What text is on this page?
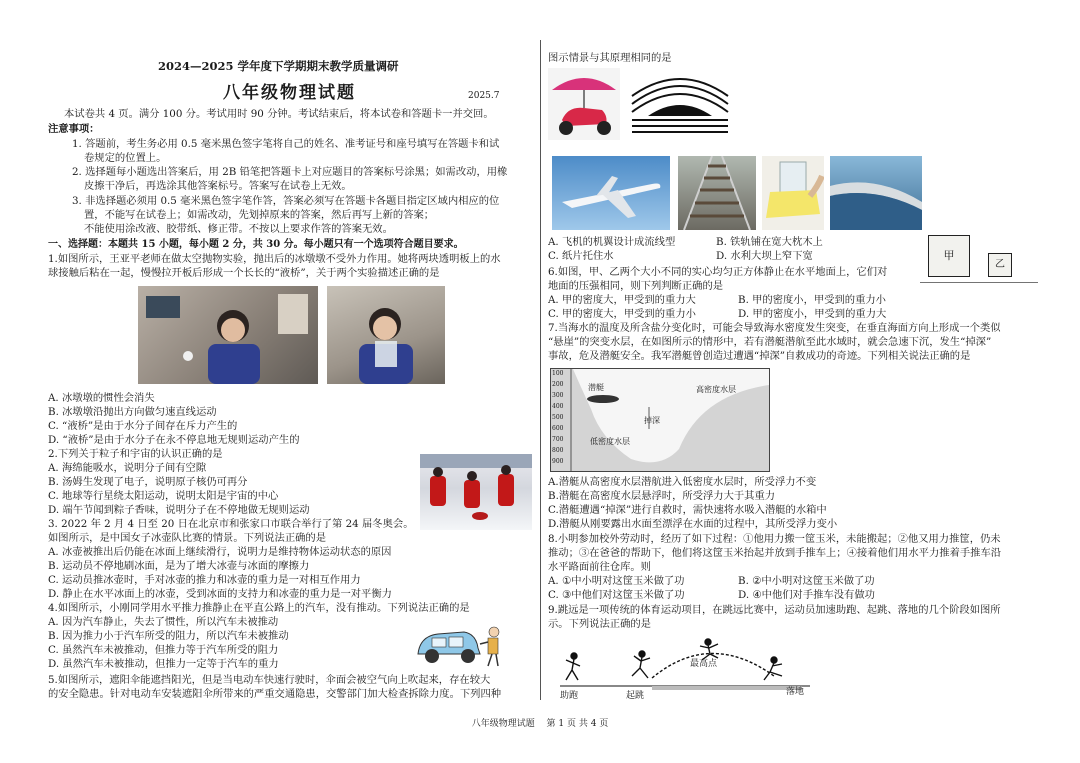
2024—2025 学年度下学期期末教学质量调研
八年级物理试题	2025.7
本试卷共 4 页。满分 100 分。考试用时 90 分钟。考试结束后，将本试卷和答题卡一并交回。
注意事项：
1. 答题前，考生务必用 0.5 毫米黑色签字笔将自己的姓名、准考证号和座号填写在答题卡和试
卷规定的位置上。
2. 选择题每小题选出答案后，用 2B 铅笔把答题卡上对应题目的答案标号涂黑；如需改动，用橡
皮擦干净后，再选涂其他答案标号。答案写在试卷上无效。
3. 非选择题必须用 0.5 毫米黑色签字笔作答，答案必须写在答题卡各题目指定区域内相应的位
置，不能写在试卷上；如需改动，先划掉原来的答案，然后再写上新的答案；
不能使用涂改液、胶带纸、修正带。不按以上要求作答的答案无效。
一、选择题：本题共 15 小题，每小题 2 分，共 30 分。每小题只有一个选项符合题目要求。
1.如图所示，王亚平老师在做太空抛物实验，抛出后的冰墩墩不受外力作用。她将两块透明板上的水
球接触后粘在一起，慢慢拉开板后形成一个长长的“液桥”，关于两个实验描述正确的是
A. 冰墩墩的惯性会消失
B. 冰墩墩沿抛出方向做匀速直线运动
C. “液桥”是由于水分子间存在斥力产生的
D. “液桥”是由于水分子在永不停息地无规则运动产生的
2.下列关于粒子和宇宙的认识正确的是
A. 海绵能吸水，说明分子间有空隙
B. 汤姆生发现了电子，说明原子核仍可再分
C. 地球等行星绕太阳运动，说明太阳是宇宙的中心
D. 端午节闻到粽子香味，说明分子在不停地做无规则运动
3. 2022 年 2 月 4 日至 20 日在北京市和张家口市联合举行了第 24 届冬奥会。
如图所示，是中国女子冰壶队比赛的情景。下列说法正确的是
A. 冰壶被推出后仍能在冰面上继续滑行，说明力是维持物体运动状态的原因
B. 运动员不停地刷冰面，是为了增大冰壶与冰面的摩擦力
C. 运动员推冰壶时，手对冰壶的推力和冰壶的重力是一对相互作用力
D. 静止在水平冰面上的冰壶，受到冰面的支持力和冰壶的重力是一对平衡力
4.如图所示，小刚同学用水平推力推静止在平直公路上的汽车，没有推动。下列说法正确的是
A. 因为汽车静止，失去了惯性，所以汽车未被推动
B. 因为推力小于汽车所受的阻力，所以汽车未被推动
C. 虽然汽车未被推动，但推力等于汽车所受的阻力
D. 虽然汽车未被推动，但推力一定等于汽车的重力
5.如图所示，遮阳伞能遮挡阳光，但是当电动车快速行驶时，伞面会被空气向上吹起来，存在较大
的安全隐患。针对电动车安装遮阳伞所带来的严重交通隐患，交警部门加大检查拆除力度。下列四种
图示情景与其原理相同的是
A. 飞机的机翼设计成流线型	B. 铁轨铺在宽大枕木上
C. 纸片托住水	D. 水利大坝上窄下宽	甲
乙
6.如图，甲、乙两个大小不同的实心均匀正方体静止在水平地面上，它们对
地面的压强相同，则下列判断正确的是
A. 甲的密度大，甲受到的重力大	B. 甲的密度小，甲受到的重力小
C. 甲的密度大，甲受到的重力小	D. 甲的密度小，甲受到的重力大
7.当海水的温度及所含盐分变化时，可能会导致海水密度发生突变，在垂直海面方向上形成一个类似
“悬崖”的突变水层，在如图所示的情形中，若有潜艇潜航至此水域时，就会急速下沉，发生“掉深”
事故，危及潜艇安全。我军潜艇曾创造过遭遇“掉深”自救成功的奇迹。下列相关说法正确的是
潜艇	高密度水层
掉深
低密度水层
100
200
300
400
500
600
700
800
900
A.潜艇从高密度水层潜航进入低密度水层时，所受浮力不变
B.潜艇在高密度水层悬浮时，所受浮力大于其重力
C.潜艇遭遇“掉深”进行自救时，需快速将水吸入潜艇的水箱中
D.潜艇从刚要露出水面至漂浮在水面的过程中，其所受浮力变小
8.小明参加校外劳动时，经历了如下过程：①他用力搬一筐玉米，未能搬起；②他又用力推筐，仍未
推动；③在爸爸的帮助下，他们将这筐玉米抬起并放到手推车上；④接着他们用水平力推着手推车沿
水平路面前往仓库。则
A. ①中小明对这筐玉米做了功	B. ②中小明对这筐玉米做了功
C. ③中他们对这筐玉米做了功	D. ④中他们对手推车没有做功
9.跳远是一项传统的体育运动项目，在跳远比赛中，运动员加速助跑、起跳、落地的几个阶段如图所
示。下列说法正确的是
助跑	起跳
最高点
落地
八年级物理试题　 第 1 页 共 4 页
